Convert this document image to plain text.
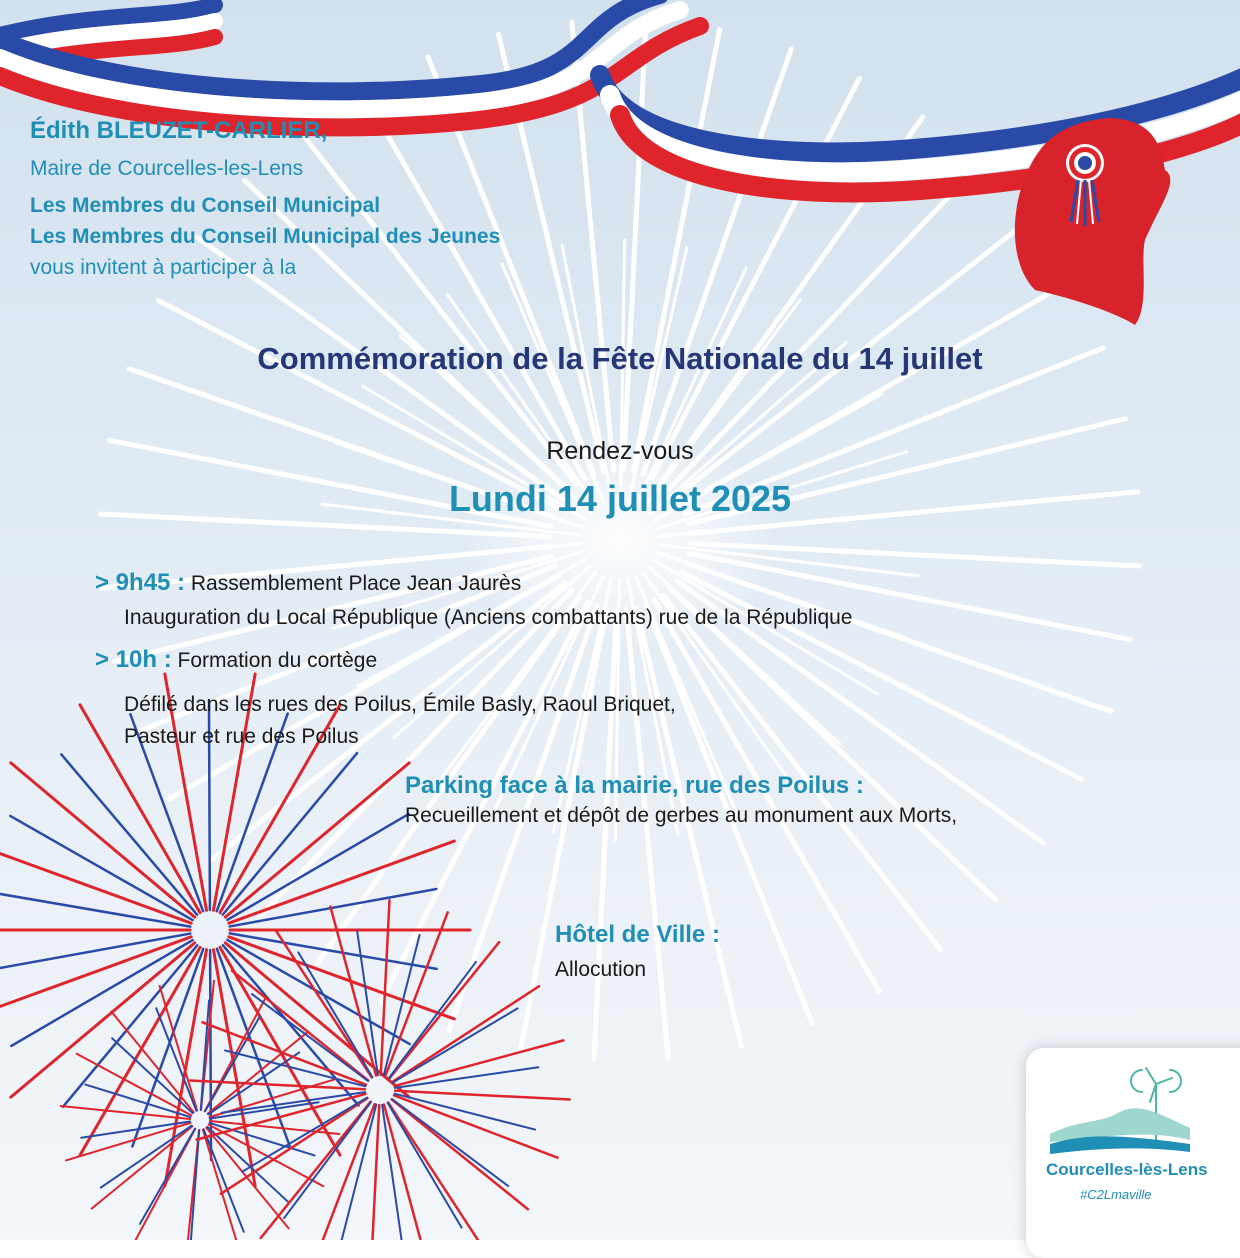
Édith BLEUZET-CARLIER,
Maire de Courcelles-les-Lens
Les Membres du Conseil Municipal
Les Membres du Conseil Municipal des Jeunes
vous invitent à participer à la
Commémoration de la Fête Nationale du 14 juillet
Rendez-vous
Lundi 14 juillet 2025
> 9h45 : Rassemblement Place Jean Jaurès
Inauguration du Local République (Anciens combattants) rue de la République
> 10h : Formation du cortège
Défilé dans les rues des Poilus, Émile Basly, Raoul Briquet,
Pasteur et rue des Poilus
Parking face à la mairie, rue des Poilus :
Recueillement et dépôt de gerbes au monument aux Morts,
Hôtel de Ville :
Allocution
Courcelles-lès-Lens
#C2Lmaville
